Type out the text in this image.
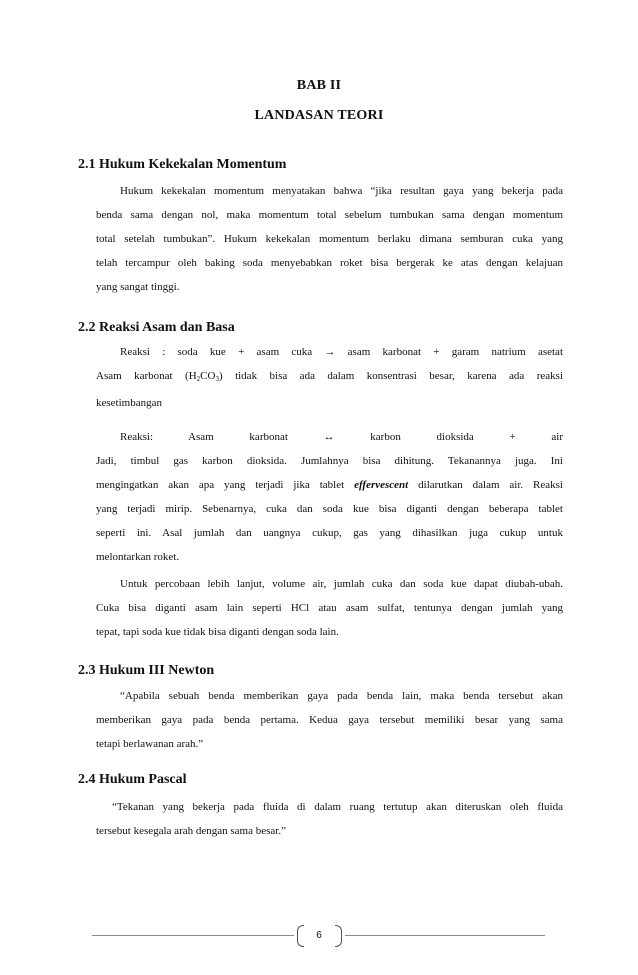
BAB II
LANDASAN TEORI
2.1 Hukum Kekekalan Momentum
Hukum kekekalan momentum menyatakan bahwa “jika resultan gaya yang bekerja pada
benda sama dengan nol, maka momentum total sebelum tumbukan sama dengan momentum
total setelah tumbukan”. Hukum kekekalan momentum berlaku dimana semburan cuka yang
telah tercampur oleh baking soda menyebabkan roket bisa bergerak ke atas dengan kelajuan
yang sangat tinggi.
2.2 Reaksi Asam dan Basa
Reaksi : soda kue + asam cuka → asam karbonat + garam natrium asetat
Asam karbonat $(H_2CO_3)$ tidak bisa ada dalam konsentrasi besar, karena ada reaksi
kesetimbangan
Reaksi: Asam karbonat ↔ karbon dioksida + air
Jadi, timbul gas karbon dioksida. Jumlahnya bisa dihitung. Tekanannya juga. Ini
mengingatkan akan apa yang terjadi jika tablet effervescent dilarutkan dalam air. Reaksi
yang terjadi mirip. Sebenarnya, cuka dan soda kue bisa diganti dengan beberapa tablet
seperti ini. Asal jumlah dan uangnya cukup, gas yang dihasilkan juga cukup untuk
melontarkan roket.
Untuk percobaan lebih lanjut, volume air, jumlah cuka dan soda kue dapat diubah-ubah.
Cuka bisa diganti asam lain seperti HCl atau asam sulfat, tentunya dengan jumlah yang
tepat, tapi soda kue tidak bisa diganti dengan soda lain.
2.3 Hukum III Newton
“Apabila sebuah benda memberikan gaya pada benda lain, maka benda tersebut akan
memberikan gaya pada benda pertama. Kedua gaya tersebut memiliki besar yang sama
tetapi berlawanan arah.”
2.4 Hukum Pascal
“Tekanan yang bekerja pada fluida di dalam ruang tertutup akan diteruskan oleh fluida
tersebut kesegala arah dengan sama besar.”
6
